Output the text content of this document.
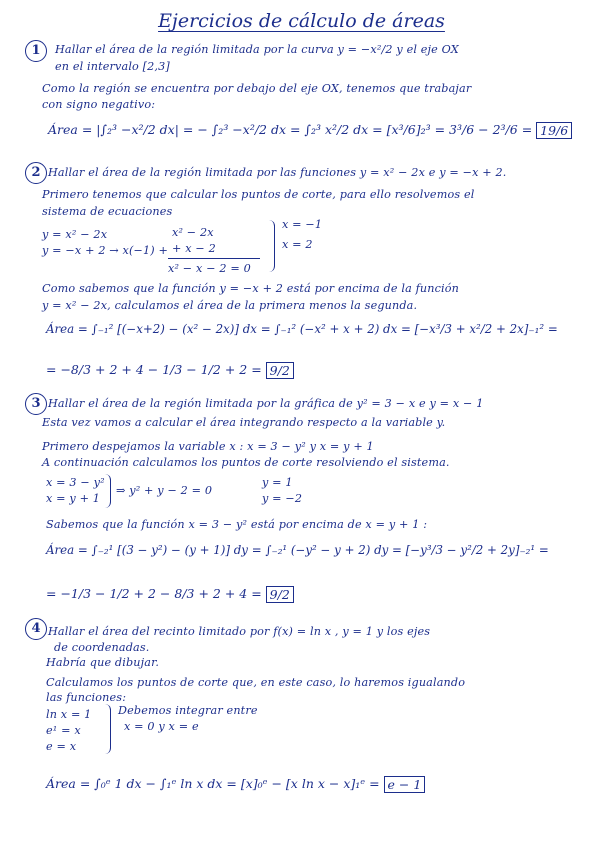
Ejercicios de cálculo de áreas
1	Hallar el área de la región limitada por la curva y = −x²/2 y el eje OX
en el intervalo [2,3]
Como la región se encuentra por debajo del eje OX, tenemos que trabajar
con signo negativo:
Área = |∫₂³ −x²/2 dx| = − ∫₂³ −x²/2 dx = ∫₂³ x²/2 dx = [x³/6]₂³ = 3³/6 − 2³/6 = 19/6
2 Hallar el área de la región limitada por las funciones y = x² − 2x e y = −x + 2.
Primero tenemos que calcular los puntos de corte, para ello resolvemos el
sistema de ecuaciones
y = x² − 2x
y = −x + 2 → x(−1) +
x² − 2x
+ x − 2
x² − x − 2 = 0
x = −1
x = 2
Como sabemos que la función y = −x + 2 está por encima de la función
y = x² − 2x, calculamos el área de la primera menos la segunda.
Área = ∫₋₁² [(−x+2) − (x² − 2x)] dx = ∫₋₁² (−x² + x + 2) dx = [−x³/3 + x²/2 + 2x]₋₁² =
= −8/3 + 2 + 4 − 1/3 − 1/2 + 2 = 9/2
3 Hallar el área de la región limitada por la gráfica de y² = 3 − x e y = x − 1
Esta vez vamos a calcular el área integrando respecto a la variable y.
Primero despejamos la variable x : x = 3 − y² y x = y + 1
A continuación calculamos los puntos de corte resolviendo el sistema.
x = 3 − y²
x = y + 1
⇒ y² + y − 2 = 0
y = 1
y = −2
Sabemos que la función x = 3 − y² está por encima de x = y + 1 :
Área = ∫₋₂¹ [(3 − y²) − (y + 1)] dy = ∫₋₂¹ (−y² − y + 2) dy = [−y³/3 − y²/2 + 2y]₋₂¹ =
= −1/3 − 1/2 + 2 − 8/3 + 2 + 4 = 9/2
4 Hallar el área del recinto limitado por f(x) = ln x , y = 1 y los ejes
de coordenadas.
Habría que dibujar.
Calculamos los puntos de corte que, en este caso, lo haremos igualando
las funciones:
ln x = 1
e¹ = x
e = x
Debemos integrar entre
x = 0 y x = e
Área = ∫₀ᵉ 1 dx − ∫₁ᵉ ln x dx = [x]₀ᵉ − [x ln x − x]₁ᵉ = e − 1
